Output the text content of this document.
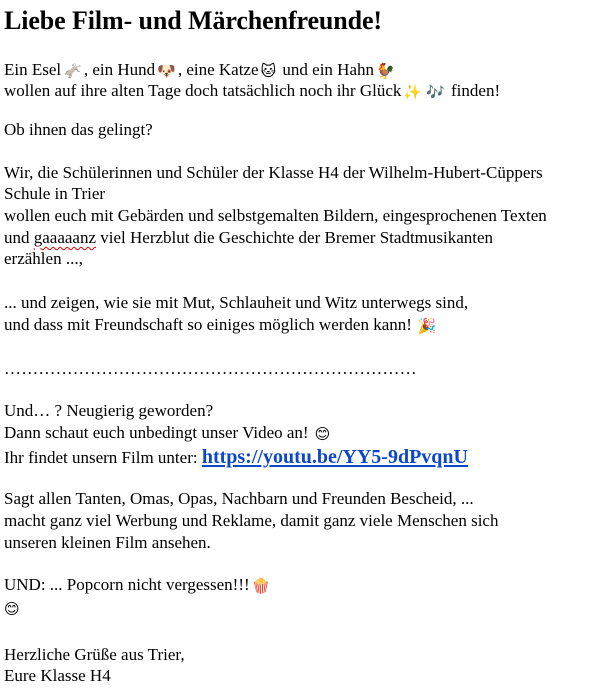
Liebe Film- und Märchenfreunde!
Ein Esel 🫏 , ein Hund 🐶 , eine Katze 🐱 und ein Hahn 🐓
wollen auf ihre alten Tage doch tatsächlich noch ihr Glück ✨ 🎶 finden!
Ob ihnen das gelingt?
Wir, die Schülerinnen und Schüler der Klasse H4 der Wilhelm-Hubert-Cüppers
Schule in Trier
wollen euch mit Gebärden und selbstgemalten Bildern, eingesprochenen Texten
und gaaaaanz viel Herzblut die Geschichte der Bremer Stadtmusikanten
erzählen ...,
... und zeigen, wie sie mit Mut, Schlauheit und Witz unterwegs sind,
und dass mit Freundschaft so einiges möglich werden kann! 🎉
………………………………………………………………
Und… ? Neugierig geworden?
Dann schaut euch unbedingt unser Video an! 😊
Ihr findet unsern Film unter: https://youtu.be/YY5-9dPvqnU
Sagt allen Tanten, Omas, Opas, Nachbarn und Freunden Bescheid, ...
macht ganz viel Werbung und Reklame, damit ganz viele Menschen sich
unseren kleinen Film ansehen.
UND: ... Popcorn nicht vergessen!!! 🍿
😊
Herzliche Grüße aus Trier,
Eure Klasse H4
